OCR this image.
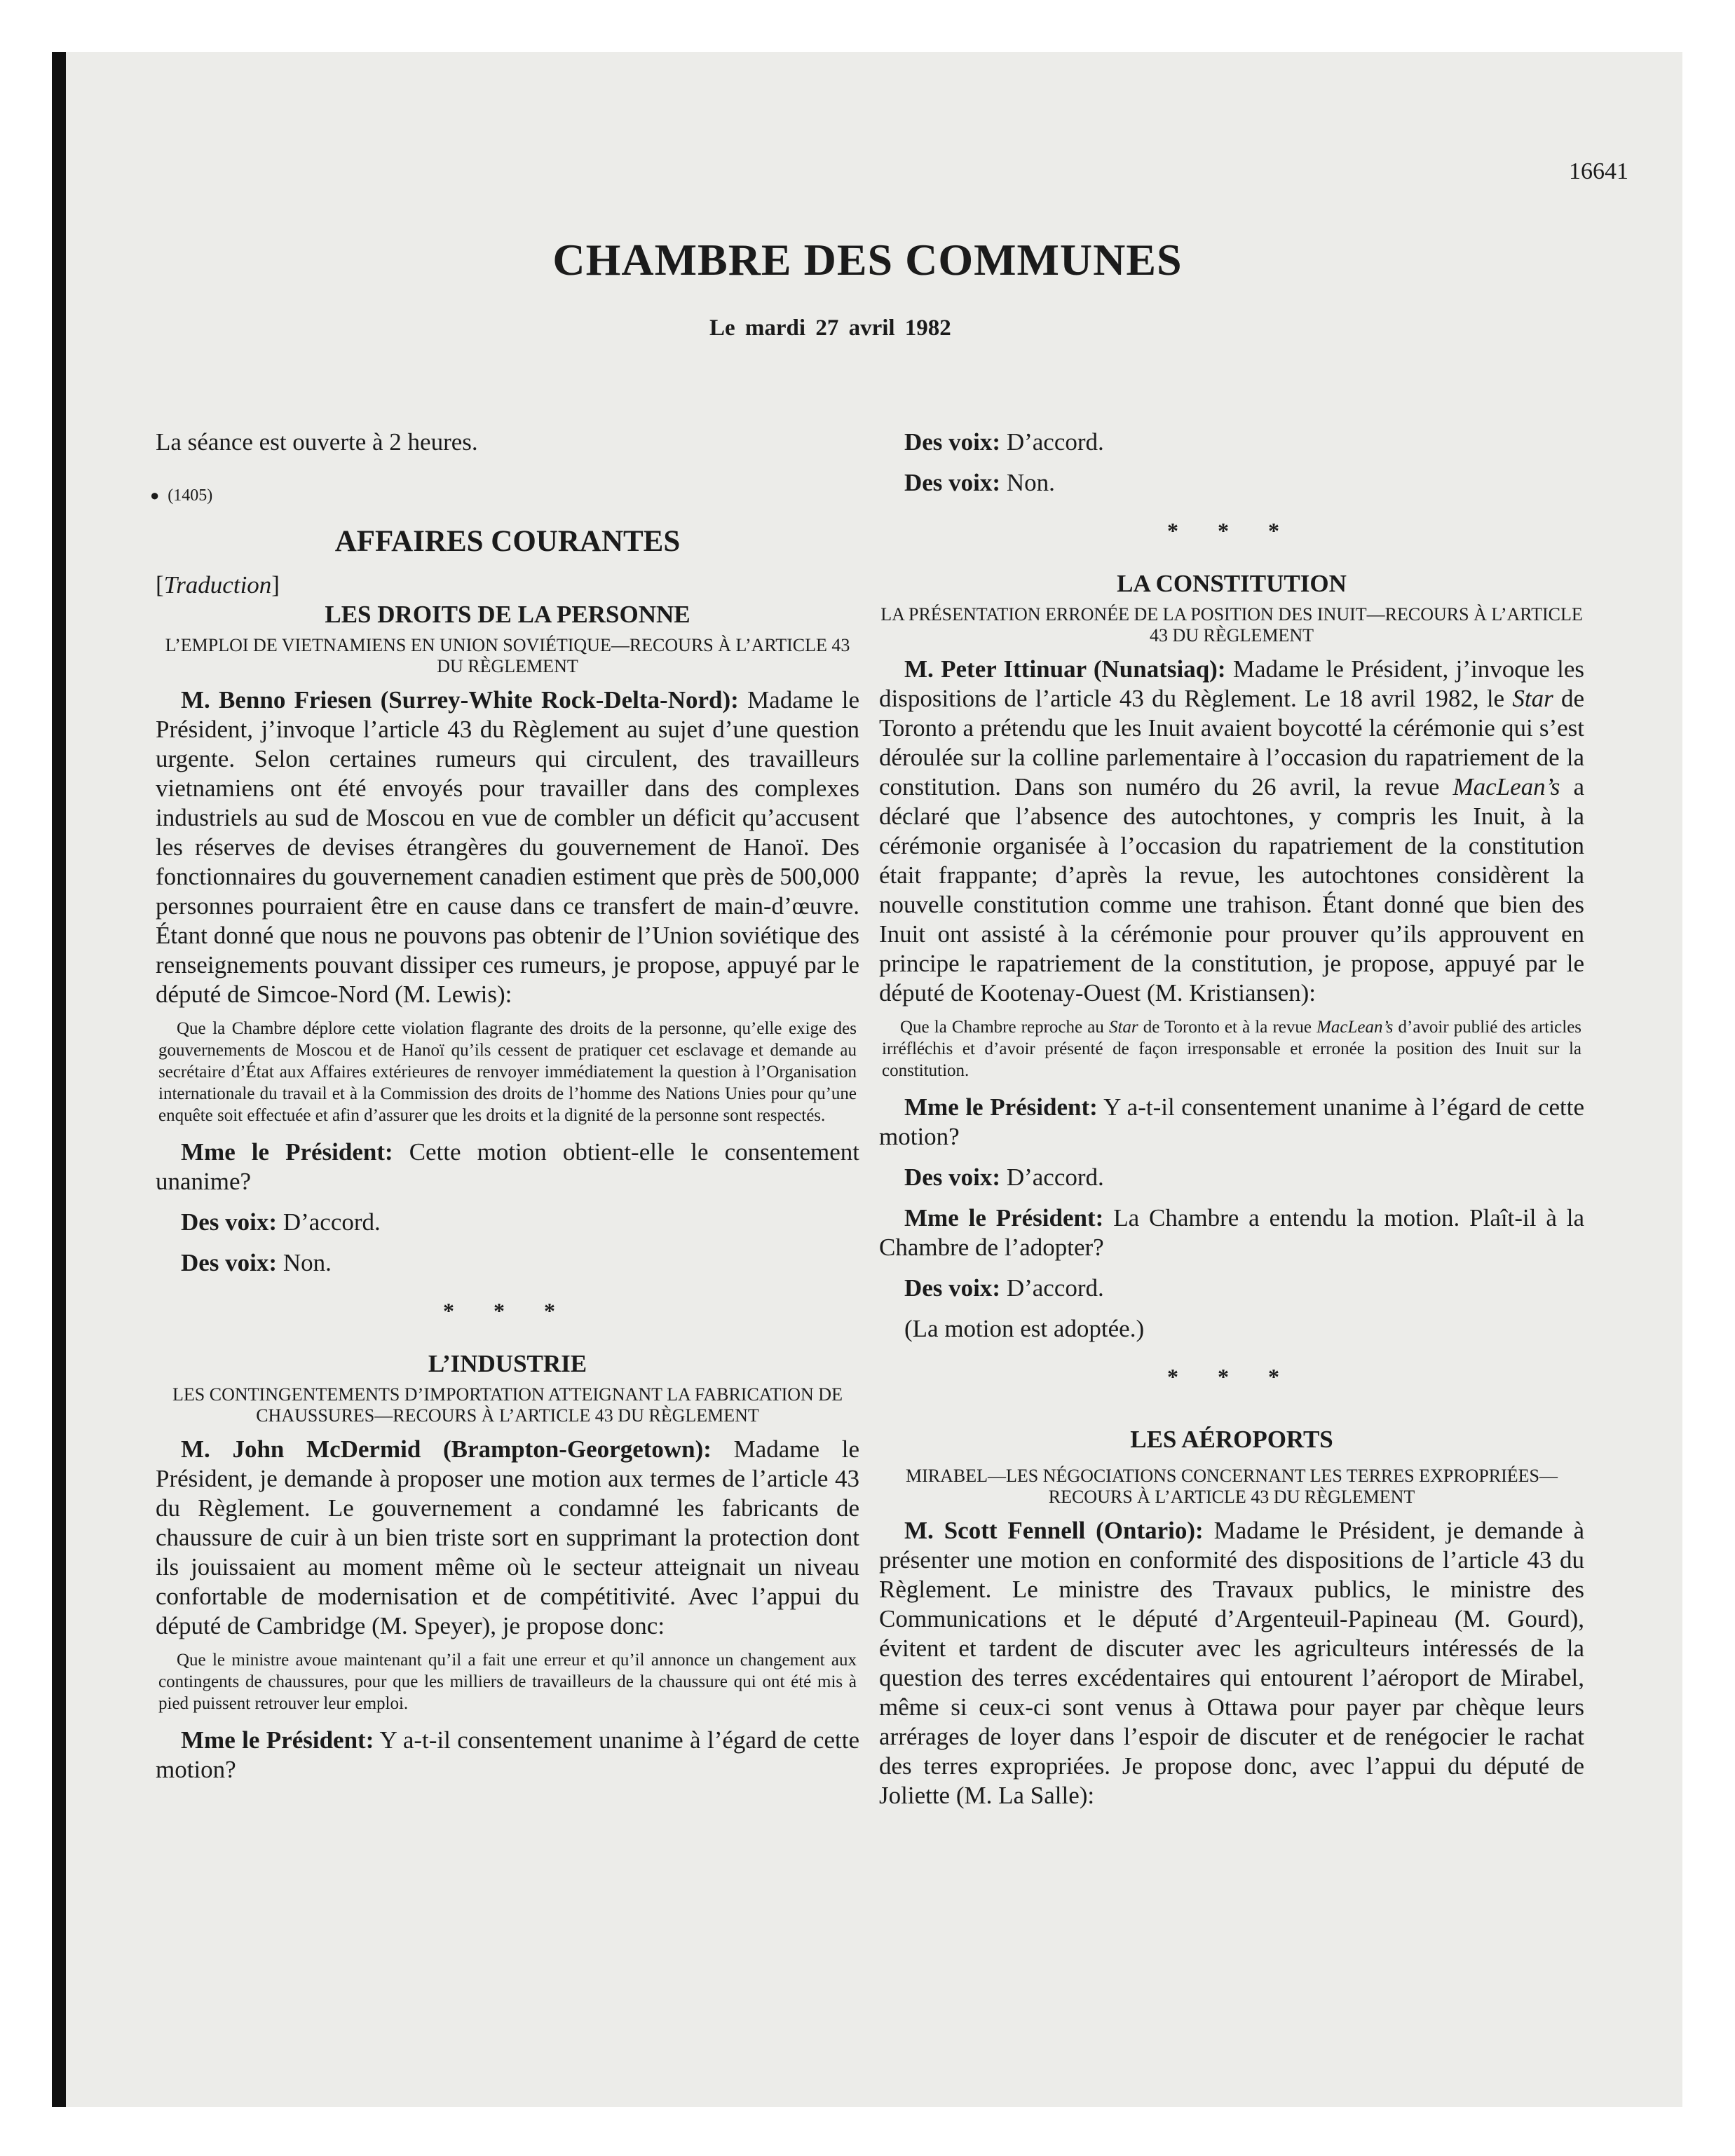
16641
CHAMBRE DES COMMUNES
Le mardi 27 avril 1982

La séance est ouverte à 2 heures.

● (1405)

AFFAIRES COURANTES

[Traduction]

LES DROITS DE LA PERSONNE
L’EMPLOI DE VIETNAMIENS EN UNION SOVIÉTIQUE—RECOURS À L’ARTICLE 43 DU RÈGLEMENT

M. Benno Friesen (Surrey-White Rock-Delta-Nord): Madame le Président, j’invoque l’article 43 du Règlement au sujet d’une question urgente. Selon certaines rumeurs qui circulent, des travailleurs vietnamiens ont été envoyés pour travailler dans des complexes industriels au sud de Moscou en vue de combler un déficit qu’accusent les réserves de devises étrangères du gouvernement de Hanoï. Des fonctionnaires du gouvernement canadien estiment que près de 500,000 personnes pourraient être en cause dans ce transfert de main-d’œuvre. Étant donné que nous ne pouvons pas obtenir de l’Union soviétique des renseignements pouvant dissiper ces rumeurs, je propose, appuyé par le député de Simcoe-Nord (M. Lewis):

Que la Chambre déplore cette violation flagrante des droits de la personne, qu’elle exige des gouvernements de Moscou et de Hanoï qu’ils cessent de pratiquer cet esclavage et demande au secrétaire d’État aux Affaires extérieures de renvoyer immédiatement la question à l’Organisation internationale du travail et à la Commission des droits de l’homme des Nations Unies pour qu’une enquête soit effectuée et afin d’assurer que les droits et la dignité de la personne sont respectés.

Mme le Président: Cette motion obtient-elle le consentement unanime?

Des voix: D’accord.

Des voix: Non.

* * *

L’INDUSTRIE
LES CONTINGENTEMENTS D’IMPORTATION ATTEIGNANT LA FABRICATION DE CHAUSSURES—RECOURS À L’ARTICLE 43 DU RÈGLEMENT

M. John McDermid (Brampton-Georgetown): Madame le Président, je demande à proposer une motion aux termes de l’article 43 du Règlement. Le gouvernement a condamné les fabricants de chaussure de cuir à un bien triste sort en supprimant la protection dont ils jouissaient au moment même où le secteur atteignait un niveau confortable de modernisation et de compétitivité. Avec l’appui du député de Cambridge (M. Speyer), je propose donc:

Que le ministre avoue maintenant qu’il a fait une erreur et qu’il annonce un changement aux contingents de chaussures, pour que les milliers de travailleurs de la chaussure qui ont été mis à pied puissent retrouver leur emploi.

Mme le Président: Y a-t-il consentement unanime à l’égard de cette motion?

Des voix: D’accord.

Des voix: Non.

* * *

LA CONSTITUTION
LA PRÉSENTATION ERRONÉE DE LA POSITION DES INUIT—RECOURS À L’ARTICLE 43 DU RÈGLEMENT

M. Peter Ittinuar (Nunatsiaq): Madame le Président, j’invoque les dispositions de l’article 43 du Règlement. Le 18 avril 1982, le Star de Toronto a prétendu que les Inuit avaient boycotté la cérémonie qui s’est déroulée sur la colline parlementaire à l’occasion du rapatriement de la constitution. Dans son numéro du 26 avril, la revue MacLean’s a déclaré que l’absence des autochtones, y compris les Inuit, à la cérémonie organisée à l’occasion du rapatriement de la constitution était frappante; d’après la revue, les autochtones considèrent la nouvelle constitution comme une trahison. Étant donné que bien des Inuit ont assisté à la cérémonie pour prouver qu’ils approuvent en principe le rapatriement de la constitution, je propose, appuyé par le député de Kootenay-Ouest (M. Kristiansen):

Que la Chambre reproche au Star de Toronto et à la revue MacLean’s d’avoir publié des articles irréfléchis et d’avoir présenté de façon irresponsable et erronée la position des Inuit sur la constitution.

Mme le Président: Y a-t-il consentement unanime à l’égard de cette motion?

Des voix: D’accord.

Mme le Président: La Chambre a entendu la motion. Plaît-il à la Chambre de l’adopter?

Des voix: D’accord.

(La motion est adoptée.)

* * *

LES AÉROPORTS
MIRABEL—LES NÉGOCIATIONS CONCERNANT LES TERRES EXPROPRIÉES—RECOURS À L’ARTICLE 43 DU RÈGLEMENT

M. Scott Fennell (Ontario): Madame le Président, je demande à présenter une motion en conformité des dispositions de l’article 43 du Règlement. Le ministre des Travaux publics, le ministre des Communications et le député d’Argenteuil-Papineau (M. Gourd), évitent et tardent de discuter avec les agriculteurs intéressés de la question des terres excédentaires qui entourent l’aéroport de Mirabel, même si ceux-ci sont venus à Ottawa pour payer par chèque leurs arrérages de loyer dans l’espoir de discuter et de renégocier le rachat des terres expropriées. Je propose donc, avec l’appui du député de Joliette (M. La Salle):
